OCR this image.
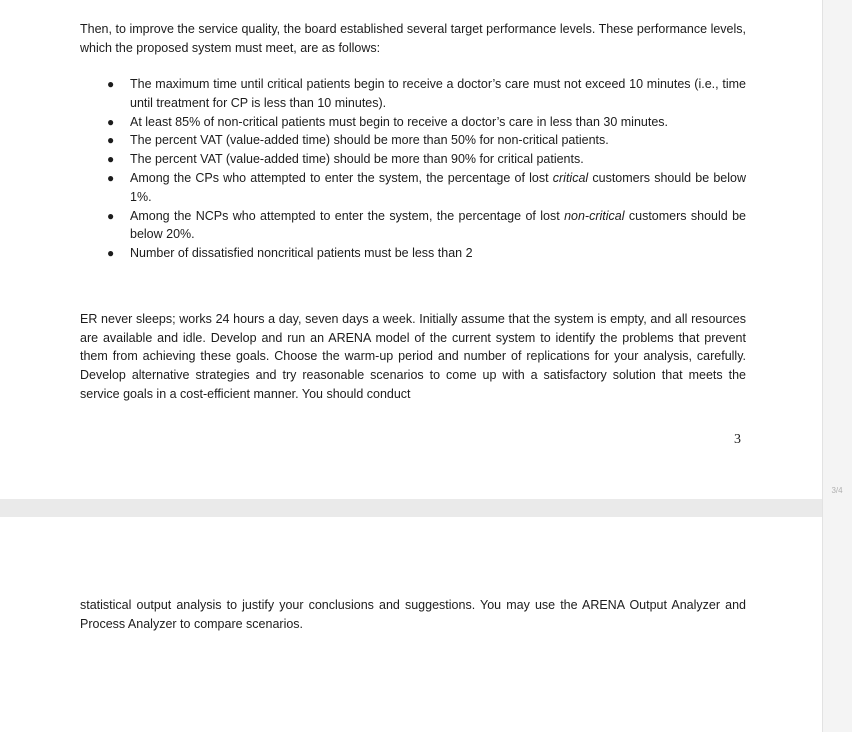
Then, to improve the service quality, the board established several target performance levels. These performance levels, which the proposed system must meet, are as follows:

● The maximum time until critical patients begin to receive a doctor’s care must not exceed 10 minutes (i.e., time until treatment for CP is less than 10 minutes).
● At least 85% of non-critical patients must begin to receive a doctor’s care in less than 30 minutes.
● The percent VAT (value-added time) should be more than 50% for non-critical patients.
● The percent VAT (value-added time) should be more than 90% for critical patients.
● Among the CPs who attempted to enter the system, the percentage of lost critical customers should be below 1%.
● Among the NCPs who attempted to enter the system, the percentage of lost non-critical customers should be below 20%.
● Number of dissatisfied noncritical patients must be less than 2

ER never sleeps; works 24 hours a day, seven days a week. Initially assume that the system is empty, and all resources are available and idle. Develop and run an ARENA model of the current system to identify the problems that prevent them from achieving these goals. Choose the warm-up period and number of replications for your analysis, carefully. Develop alternative strategies and try reasonable scenarios to come up with a satisfactory solution that meets the service goals in a cost-efficient manner. You should conduct

3

statistical output analysis to justify your conclusions and suggestions. You may use the ARENA Output Analyzer and Process Analyzer to compare scenarios.

3/4
